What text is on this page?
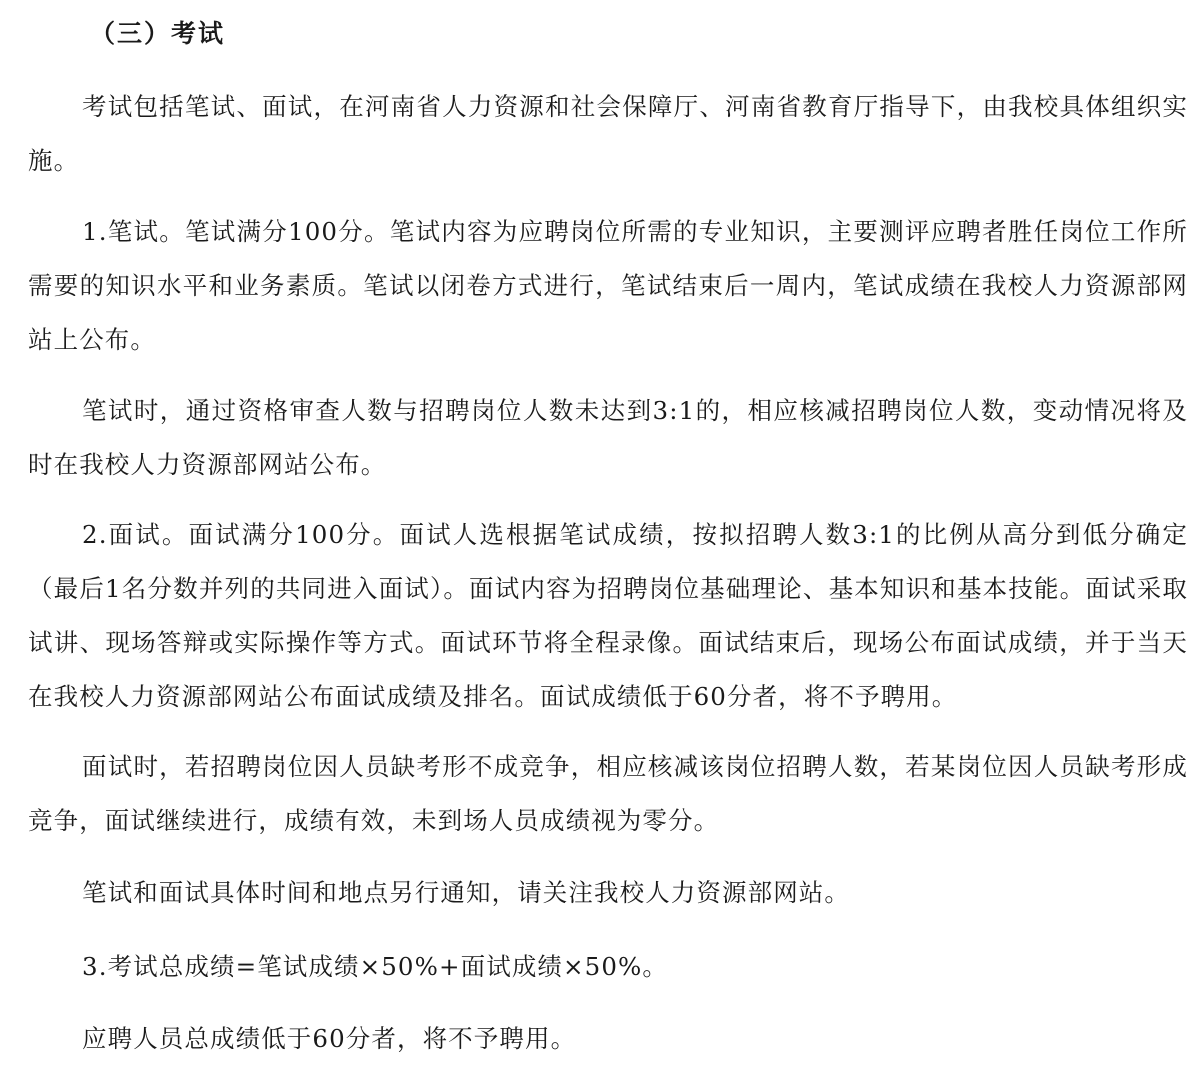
（三）考试

考试包括笔试、面试，在河南省人力资源和社会保障厅、河南省教育厅指导下，由我校具体组织实施。

1.笔试。笔试满分100分。笔试内容为应聘岗位所需的专业知识，主要测评应聘者胜任岗位工作所需要的知识水平和业务素质。笔试以闭卷方式进行，笔试结束后一周内，笔试成绩在我校人力资源部网站上公布。

笔试时，通过资格审查人数与招聘岗位人数未达到3:1的，相应核减招聘岗位人数，变动情况将及时在我校人力资源部网站公布。

2.面试。面试满分100分。面试人选根据笔试成绩，按拟招聘人数3:1的比例从高分到低分确定（最后1名分数并列的共同进入面试）。面试内容为招聘岗位基础理论、基本知识和基本技能。面试采取试讲、现场答辩或实际操作等方式。面试环节将全程录像。面试结束后，现场公布面试成绩，并于当天在我校人力资源部网站公布面试成绩及排名。面试成绩低于60分者，将不予聘用。

面试时，若招聘岗位因人员缺考形不成竞争，相应核减该岗位招聘人数，若某岗位因人员缺考形成竞争，面试继续进行，成绩有效，未到场人员成绩视为零分。

笔试和面试具体时间和地点另行通知，请关注我校人力资源部网站。

3.考试总成绩=笔试成绩×50%+面试成绩×50%。

应聘人员总成绩低于60分者，将不予聘用。
